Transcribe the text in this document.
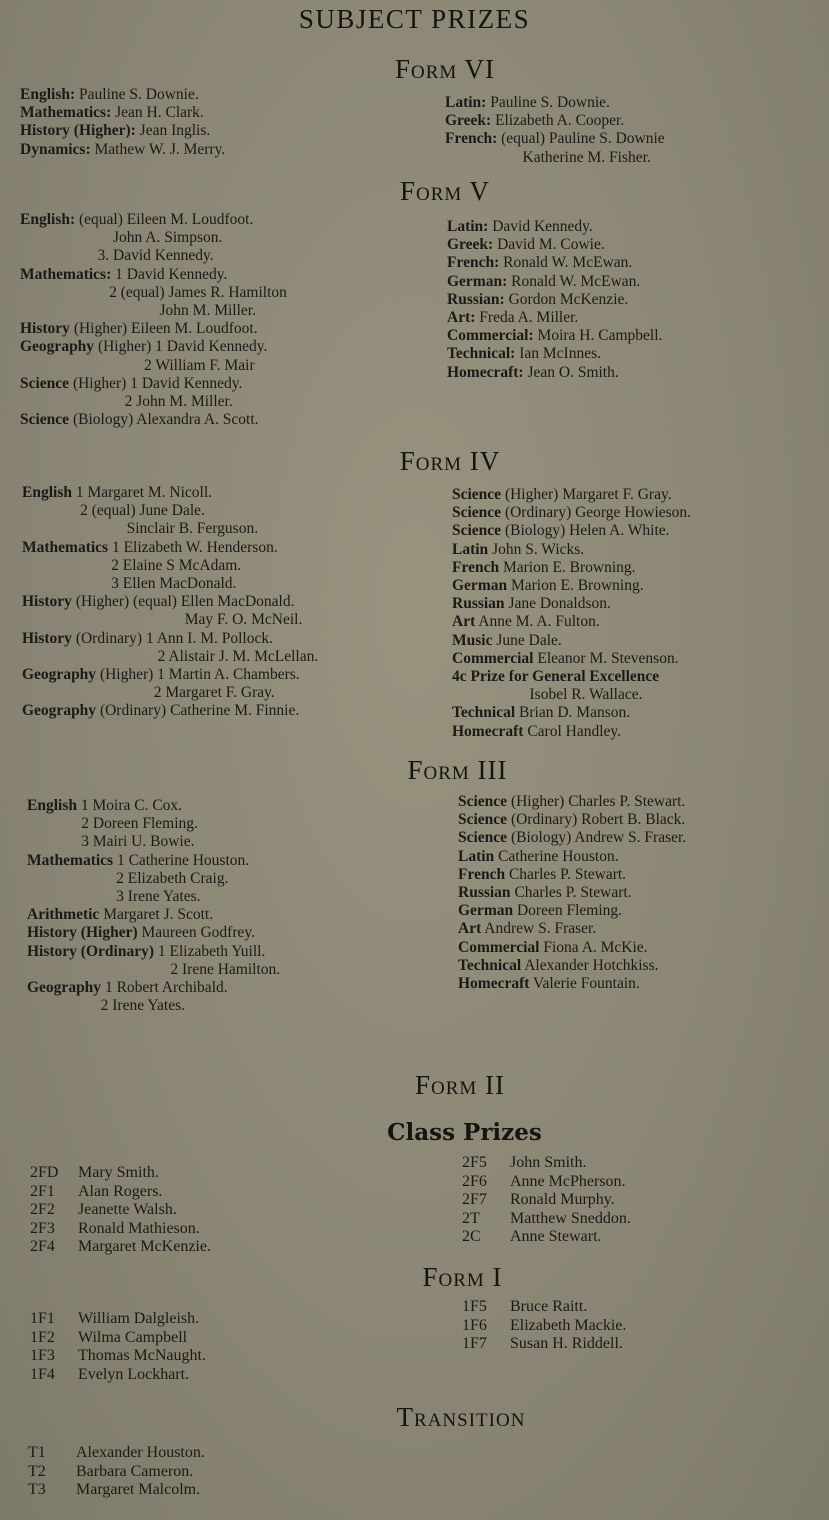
SUBJECT PRIZES
Form VI
English: Pauline S. Downie.
Mathematics: Jean H. Clark.
History (Higher): Jean Inglis.
Dynamics: Mathew W. J. Merry.
Latin: Pauline S. Downie.
Greek: Elizabeth A. Cooper.
French: (equal) Pauline S. Downie
Katherine M. Fisher.
Form V
English: (equal) Eileen M. Loudfoot.
John A. Simpson.
3. David Kennedy.
Mathematics: 1 David Kennedy.
2 (equal) James R. Hamilton
John M. Miller.
History (Higher) Eileen M. Loudfoot.
Geography (Higher) 1 David Kennedy.
2 William F. Mair
Science (Higher) 1 David Kennedy.
2 John M. Miller.
Science (Biology) Alexandra A. Scott.
Latin: David Kennedy.
Greek: David M. Cowie.
French: Ronald W. McEwan.
German: Ronald W. McEwan.
Russian: Gordon McKenzie.
Art: Freda A. Miller.
Commercial: Moira H. Campbell.
Technical: Ian McInnes.
Homecraft: Jean O. Smith.
Form IV
English 1 Margaret M. Nicoll.
2 (equal) June Dale.
Sinclair B. Ferguson.
Mathematics 1 Elizabeth W. Henderson.
2 Elaine S McAdam.
3 Ellen MacDonald.
History (Higher) (equal) Ellen MacDonald.
May F. O. McNeil.
History (Ordinary) 1 Ann I. M. Pollock.
2 Alistair J. M. McLellan.
Geography (Higher) 1 Martin A. Chambers.
2 Margaret F. Gray.
Geography (Ordinary) Catherine M. Finnie.
Science (Higher) Margaret F. Gray.
Science (Ordinary) George Howieson.
Science (Biology) Helen A. White.
Latin John S. Wicks.
French Marion E. Browning.
German Marion E. Browning.
Russian Jane Donaldson.
Art Anne M. A. Fulton.
Music June Dale.
Commercial Eleanor M. Stevenson.
4c Prize for General Excellence
Isobel R. Wallace.
Technical Brian D. Manson.
Homecraft Carol Handley.
Form III
English 1 Moira C. Cox.
2 Doreen Fleming.
3 Mairi U. Bowie.
Mathematics 1 Catherine Houston.
2 Elizabeth Craig.
3 Irene Yates.
Arithmetic Margaret J. Scott.
History (Higher) Maureen Godfrey.
History (Ordinary) 1 Elizabeth Yuill.
2 Irene Hamilton.
Geography 1 Robert Archibald.
2 Irene Yates.
Science (Higher) Charles P. Stewart.
Science (Ordinary) Robert B. Black.
Science (Biology) Andrew S. Fraser.
Latin Catherine Houston.
French Charles P. Stewart.
Russian Charles P. Stewart.
German Doreen Fleming.
Art Andrew S. Fraser.
Commercial Fiona A. McKie.
Technical Alexander Hotchkiss.
Homecraft Valerie Fountain.
Form II
Class Prizes
2FD Mary Smith.
2F1 Alan Rogers.
2F2 Jeanette Walsh.
2F3 Ronald Mathieson.
2F4 Margaret McKenzie.
2F5 John Smith.
2F6 Anne McPherson.
2F7 Ronald Murphy.
2T Matthew Sneddon.
2C Anne Stewart.
Form I
1F1 William Dalgleish.
1F2 Wilma Campbell
1F3 Thomas McNaught.
1F4 Evelyn Lockhart.
1F5 Bruce Raitt.
1F6 Elizabeth Mackie.
1F7 Susan H. Riddell.
Transition
T1 Alexander Houston.
T2 Barbara Cameron.
T3 Margaret Malcolm.
